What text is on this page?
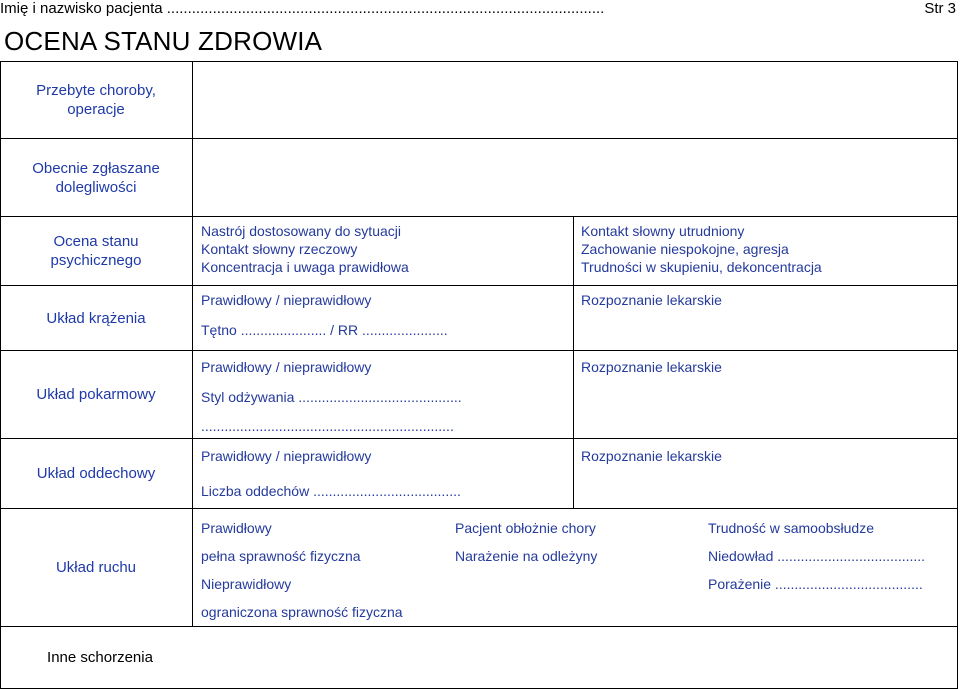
Imię i nazwisko pacjenta .........................................................................................................	Str 3
OCENA STANU ZDROWIA
Przebyte choroby,
operacje
Obecnie zgłaszane
dolegliwości
Ocena stanu
psychicznego
Nastrój dostosowany do sytuacji
Kontakt słowny rzeczowy
Koncentracja i uwaga prawidłowa
Kontakt słowny utrudniony
Zachowanie niespokojne, agresja
Trudności w skupieniu, dekoncentracja
Układ krążenia
Prawidłowy / nieprawidłowy
Tętno ...................... / RR ......................
Rozpoznanie lekarskie
Układ pokarmowy
Prawidłowy / nieprawidłowy
Styl odżywania ..........................................
.................................................................
Rozpoznanie lekarskie
Układ oddechowy
Prawidłowy / nieprawidłowy
Liczba oddechów ......................................
Rozpoznanie lekarskie
Układ ruchu
Prawidłowy
pełna sprawność fizyczna
Nieprawidłowy
ograniczona sprawność fizyczna
Pacjent obłożnie chory
Narażenie na odleżyny
Trudność w samoobsłudze
Niedowład ......................................
Porażenie ......................................
Inne schorzenia
